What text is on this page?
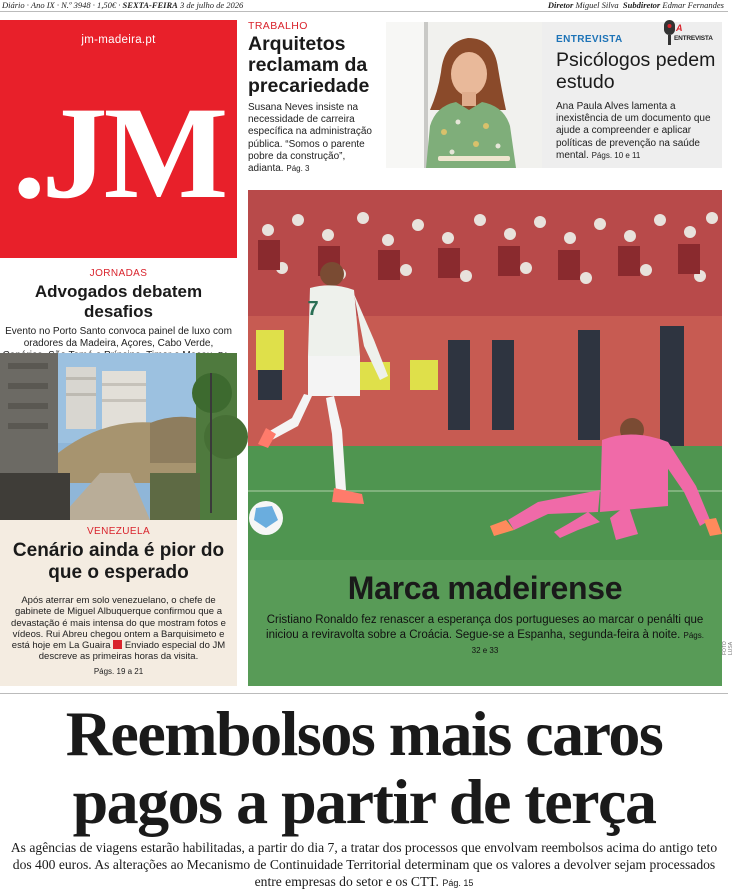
Diário · Ano IX · N.º 3948 · 1,50€ · SEXTA-FEIRA 3 de julho de 2026	Diretor Miguel Silva Subdiretor Edmar Fernandes
jm-madeira.pt
.JM
TRABALHO
Arquitetos reclamam da precariedade

Susana Neves insiste na necessidade de carreira específica na administração pública. “Somos o parente pobre da construção”, adianta. Pág. 3

A
ENTREVISTA
ENTREVISTA
Psicólogos pedem estudo

Ana Paula Alves lamenta a inexistência de um documento que ajude a compreender e aplicar políticas de prevenção na saúde mental. Págs. 10 e 11

JORNADAS
Advogados debatem desafios

Evento no Porto Santo convoca painel de luxo com oradores da Madeira, Açores, Cabo Verde,

VENEZUELA
Cenário ainda é pior do que o esperado

Após aterrar em solo venezuelano, o chefe de gabinete de Miguel Albuquerque confirmou que a devastação é mais intensa do que mostram fotos e vídeos. Rui Abreu chegou ontem a Barquisimeto e está hoje em La Guaira Enviado especial do JM descreve as primeiras horas da visita.

Págs. 19 a 21
7
Marca madeirense
Cristiano Ronaldo fez renascer a esperança dos portugueses ao marcar o penálti que iniciou a reviravolta sobre a Croácia. Segue-se a Espanha, segunda-feira à noite. Págs. 32 e 33	FOTO LUSA
Reembolsos mais caros
pagos a partir de terça
As agências de viagens estarão habilitadas, a partir do dia 7, a tratar dos processos que envolvam reembolsos acima do antigo teto dos 400 euros. As alterações ao Mecanismo de Continuidade Territorial determinam que os valores a devolver sejam processados entre empresas do setor e os CTT. Pág. 15
